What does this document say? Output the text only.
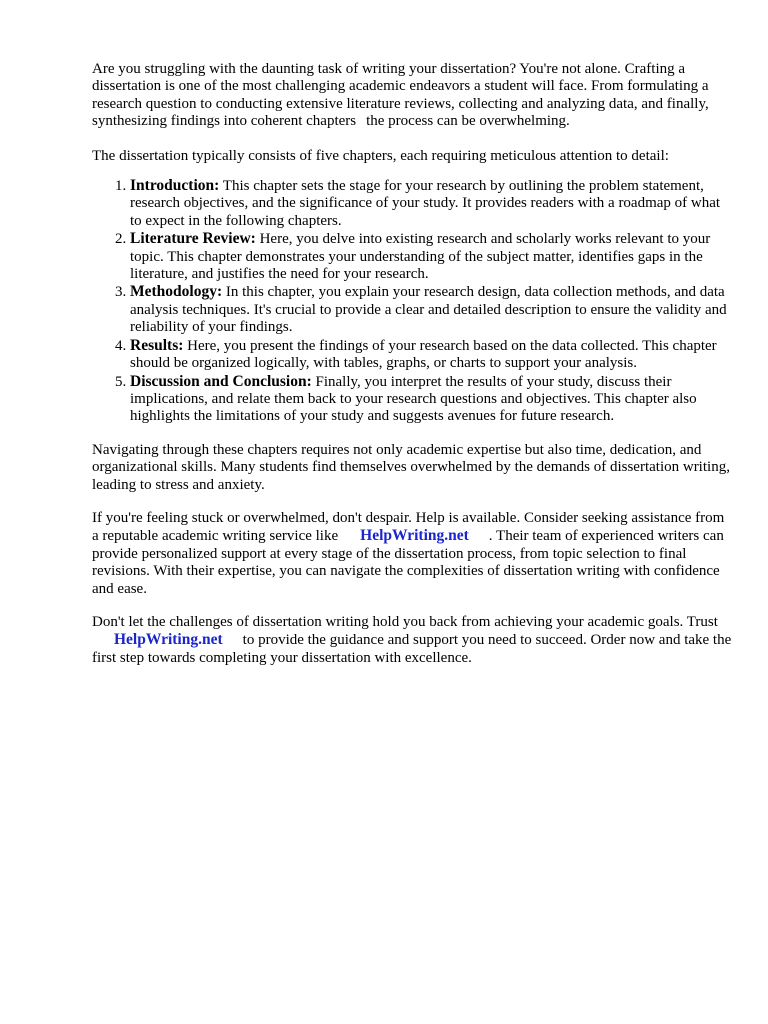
Are you struggling with the daunting task of writing your dissertation? You're not alone. Crafting a dissertation is one of the most challenging academic endeavors a student will face. From formulating a research question to conducting extensive literature reviews, collecting and analyzing data, and finally, synthesizing findings into coherent chapters the process can be overwhelming.

The dissertation typically consists of five chapters, each requiring meticulous attention to detail:

1. Introduction: This chapter sets the stage for your research by outlining the problem statement, research objectives, and the significance of your study. It provides readers with a roadmap of what to expect in the following chapters.
2. Literature Review: Here, you delve into existing research and scholarly works relevant to your topic. This chapter demonstrates your understanding of the subject matter, identifies gaps in the literature, and justifies the need for your research.
3. Methodology: In this chapter, you explain your research design, data collection methods, and data analysis techniques. It's crucial to provide a clear and detailed description to ensure the validity and reliability of your findings.
4. Results: Here, you present the findings of your research based on the data collected. This chapter should be organized logically, with tables, graphs, or charts to support your analysis.
5. Discussion and Conclusion: Finally, you interpret the results of your study, discuss their implications, and relate them back to your research questions and objectives. This chapter also highlights the limitations of your study and suggests avenues for future research.

Navigating through these chapters requires not only academic expertise but also time, dedication, and organizational skills. Many students find themselves overwhelmed by the demands of dissertation writing, leading to stress and anxiety.

If you're feeling stuck or overwhelmed, don't despair. Help is available. Consider seeking assistance from a reputable academic writing service like HelpWriting.net . Their team of experienced writers can provide personalized support at every stage of the dissertation process, from topic selection to final revisions. With their expertise, you can navigate the complexities of dissertation writing with confidence and ease.

Don't let the challenges of dissertation writing hold you back from achieving your academic goals. TrustHelpWriting.net to provide the guidance and support you need to succeed. Order now and take the first step towards completing your dissertation with excellence.
